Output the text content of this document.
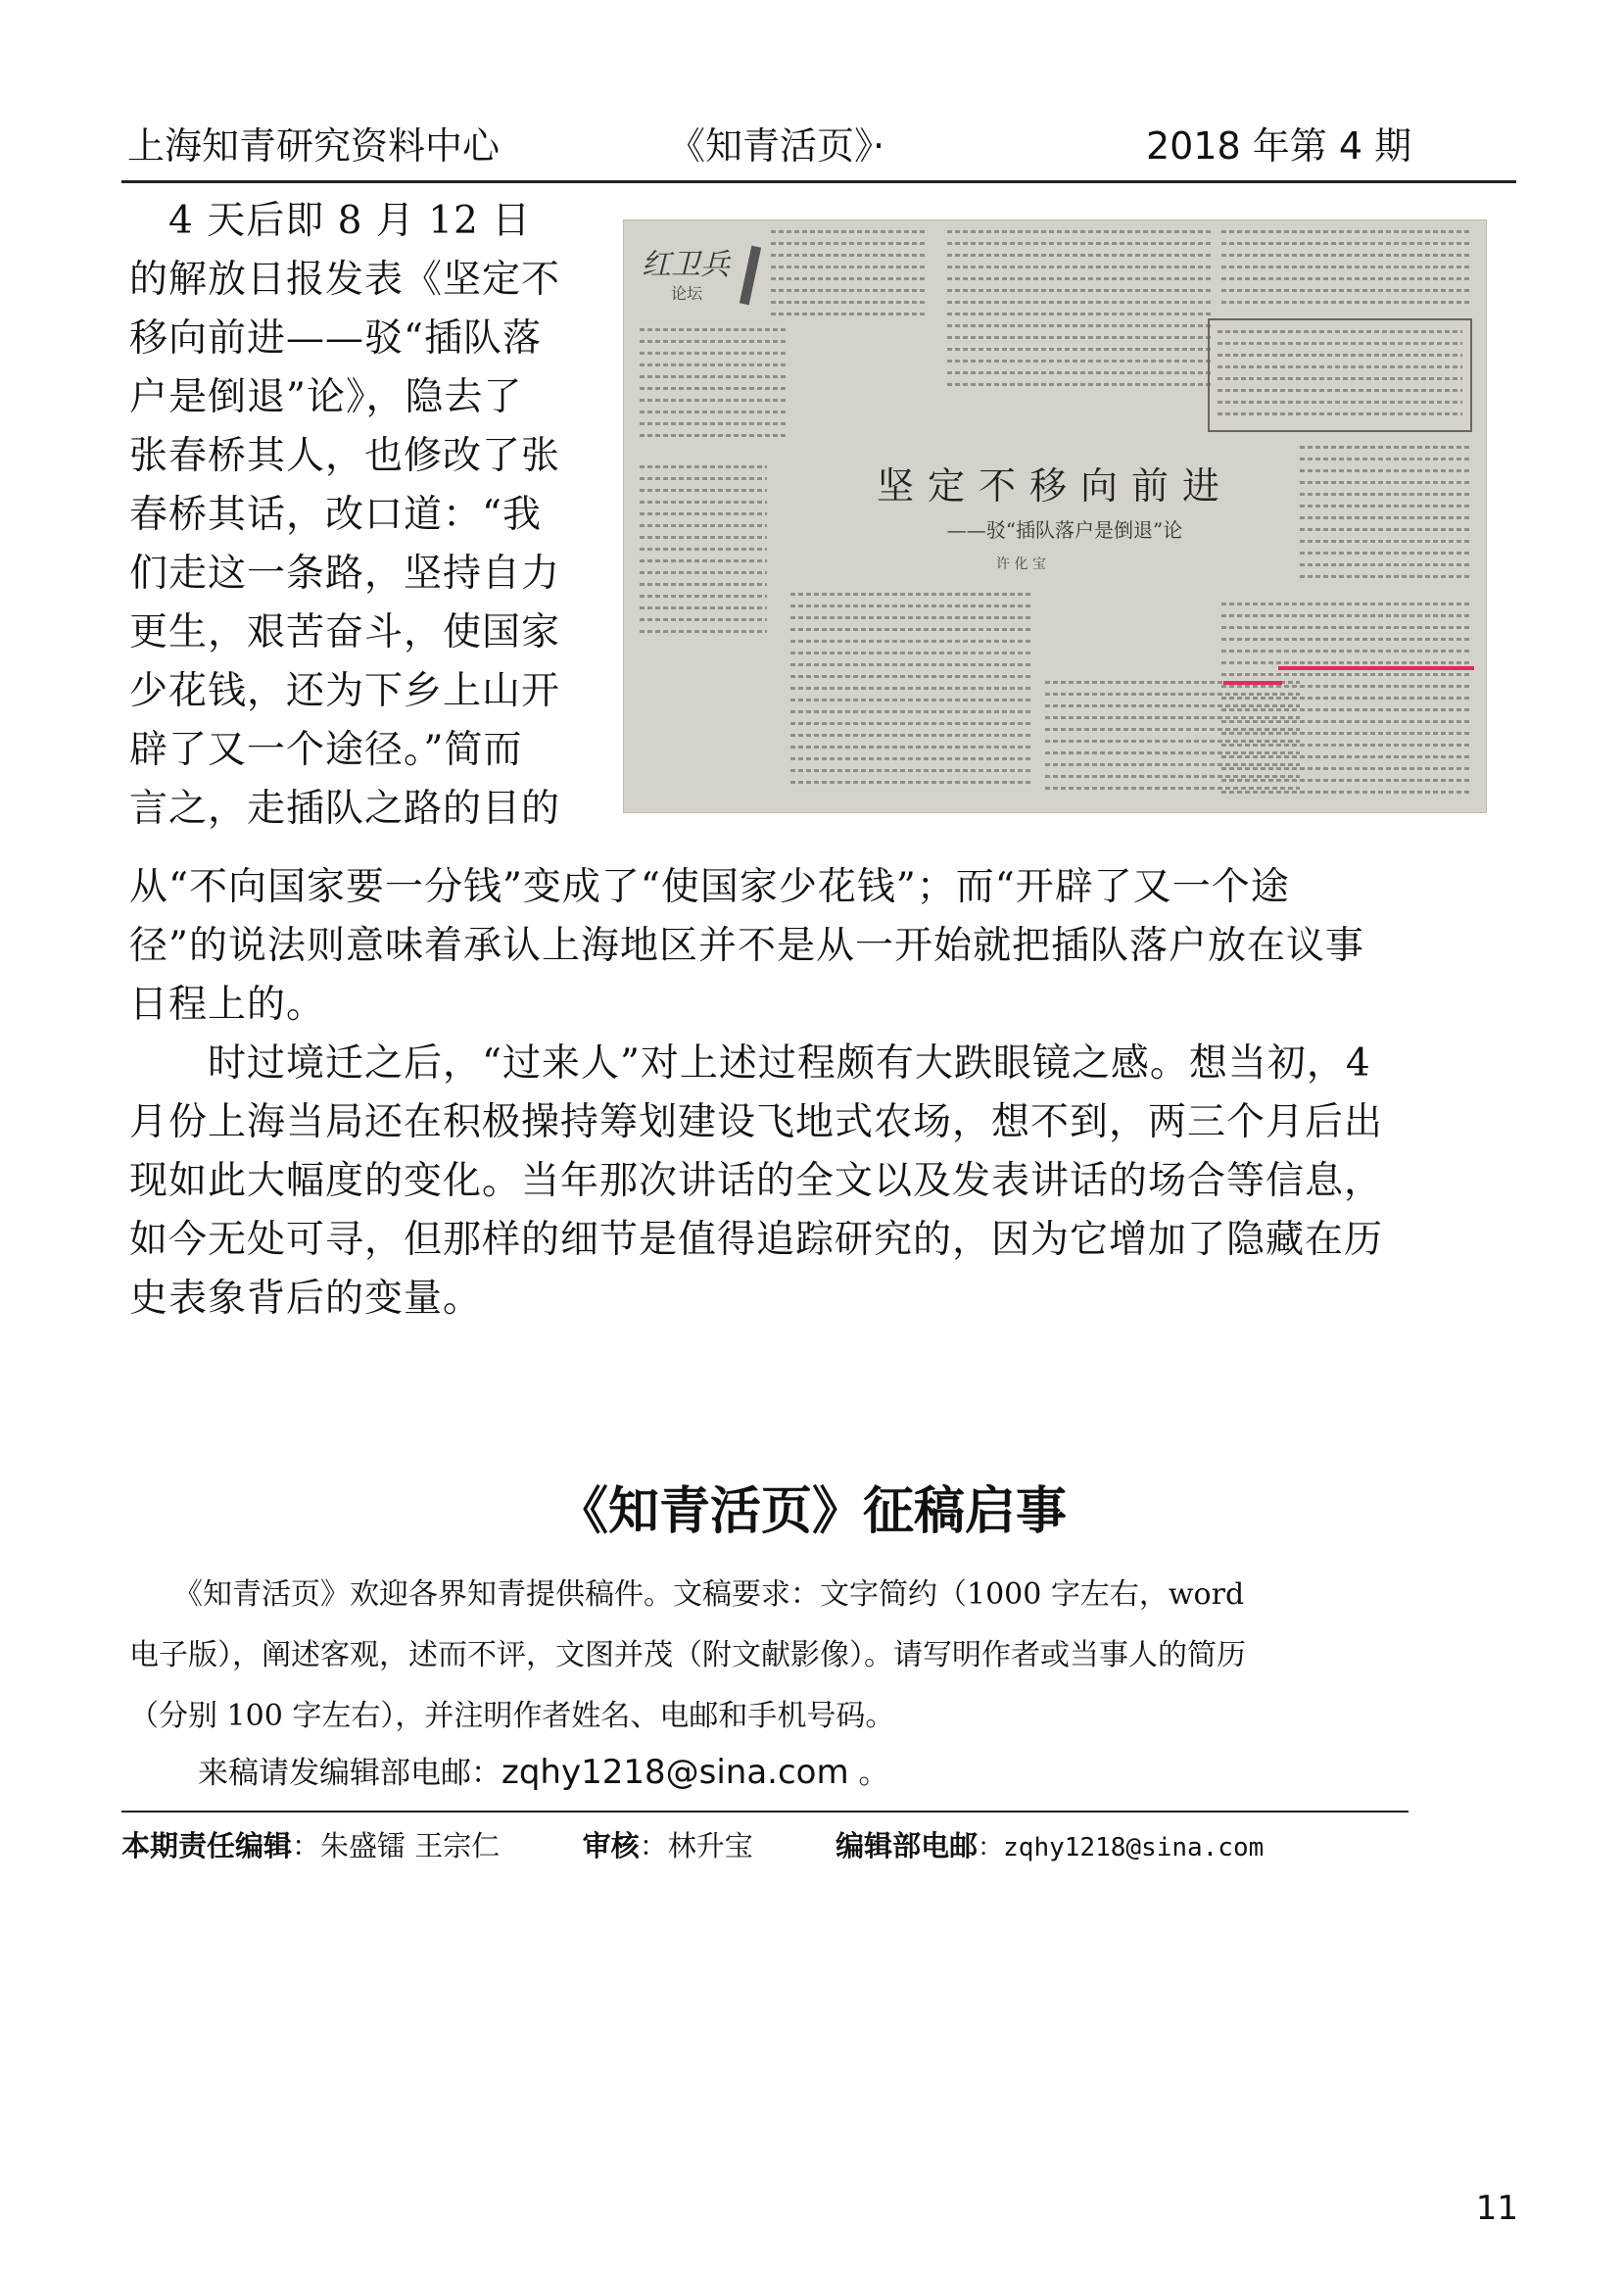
上海知青研究资料中心	《知青活页》·	2018 年第 4 期
　4 天后即 8 月 12 日
的解放日报发表《坚定不
移向前进——驳“插队落
户是倒退”论》，隐去了
张春桥其人，也修改了张
春桥其话，改口道：“我
们走这一条路，坚持自力
更生，艰苦奋斗，使国家
少花钱，还为下乡上山开
辟了又一个途径。”简而
言之，走插队之路的目的
红卫兵
论坛
坚定不移向前进
——驳“插队落户是倒退”论
许 化 宝
从“不向国家要一分钱”变成了“使国家少花钱”；而“开辟了又一个途
径”的说法则意味着承认上海地区并不是从一开始就把插队落户放在议事
日程上的。
　　时过境迁之后，“过来人”对上述过程颇有大跌眼镜之感。想当初，4
月份上海当局还在积极操持筹划建设飞地式农场，想不到，两三个月后出
现如此大幅度的变化。当年那次讲话的全文以及发表讲话的场合等信息，
如今无处可寻，但那样的细节是值得追踪研究的，因为它增加了隐藏在历
史表象背后的变量。
《知青活页》征稿启事
　　《知青活页》欢迎各界知青提供稿件。文稿要求：文字简约（1000 字左右，word
电子版），阐述客观，述而不评，文图并茂（附文献影像）。请写明作者或当事人的简历
（分别 100 字左右），并注明作者姓名、电邮和手机号码。
来稿请发编辑部电邮：zqhy1218@sina.com 。
本期责任编辑：朱盛镭 王宗仁	审核：林升宝	编辑部电邮：zqhy1218@sina.com
11
